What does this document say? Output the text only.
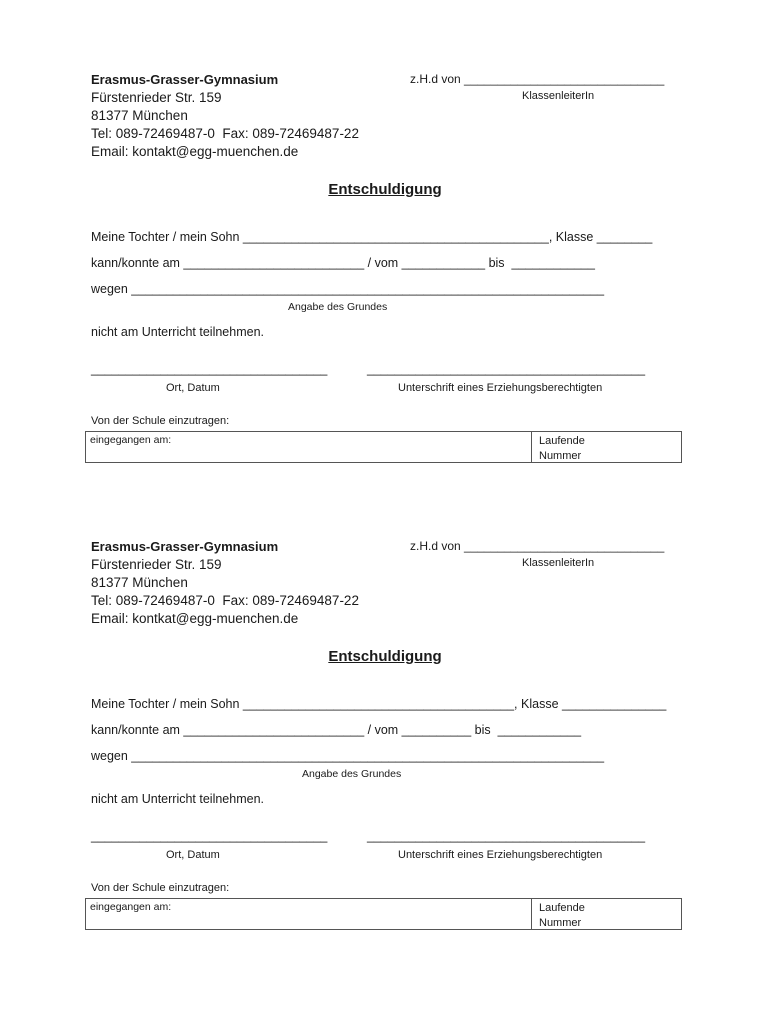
Erasmus-Grasser-Gymnasium
Fürstenrieder Str. 159
81377 München
Tel: 089-72469487-0  Fax: 089-72469487-22
Email: kontakt@egg-muenchen.de
z.H.d von ______________________________
KlassenleiterIn
Entschuldigung
Meine Tochter / mein Sohn ____________________________________________, Klasse ________
kann/konnte am __________________________ / vom ____________ bis  ____________
wegen ____________________________________________________________________
Angabe des Grundes
nicht am Unterricht teilnehmen.
__________________________________	________________________________________
Ort, Datum	Unterschrift eines Erziehungsberechtigten
Von der Schule einzutragen:
eingegangen am:	Laufende Nummer
Erasmus-Grasser-Gymnasium
Fürstenrieder Str. 159
81377 München
Tel: 089-72469487-0  Fax: 089-72469487-22
Email: kontkat@egg-muenchen.de
z.H.d von ______________________________
KlassenleiterIn
Entschuldigung
Meine Tochter / mein Sohn _______________________________________, Klasse _______________
kann/konnte am __________________________ / vom __________ bis  ____________
wegen ____________________________________________________________________
Angabe des Grundes
nicht am Unterricht teilnehmen.
__________________________________	________________________________________
Ort, Datum	Unterschrift eines Erziehungsberechtigten
Von der Schule einzutragen:
eingegangen am:	Laufende Nummer
